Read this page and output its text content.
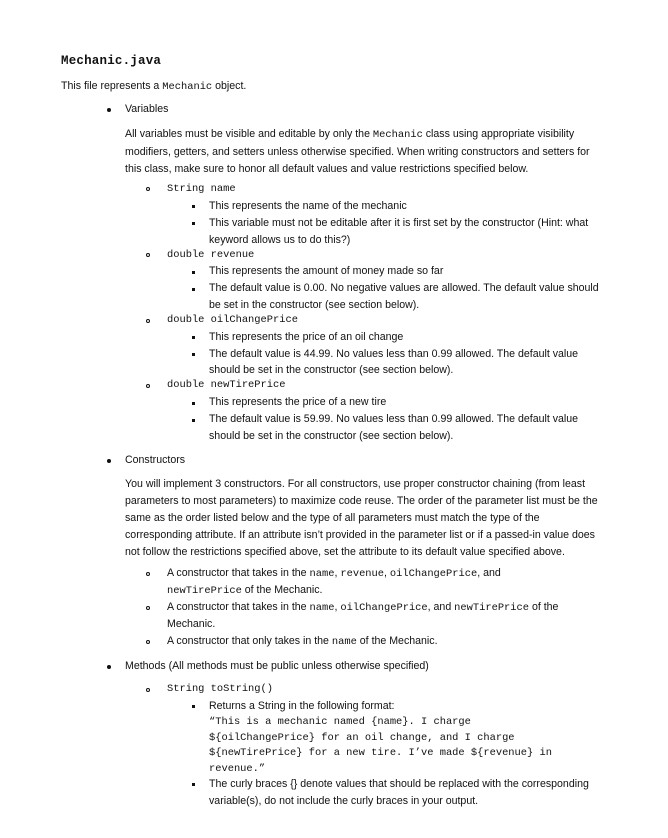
Mechanic.java
This file represents a Mechanic object.
Variables
All variables must be visible and editable by only the Mechanic class using appropriate visibility
modifiers, getters, and setters unless otherwise specified. When writing constructors and setters for
this class, make sure to honor all default values and value restrictions specified below.
String name
This represents the name of the mechanic
This variable must not be editable after it is first set by the constructor (Hint: what
keyword allows us to do this?)
double revenue
This represents the amount of money made so far
The default value is 0.00. No negative values are allowed. The default value should
be set in the constructor (see section below).
double oilChangePrice
This represents the price of an oil change
The default value is 44.99. No values less than 0.99 allowed. The default value
should be set in the constructor (see section below).
double newTirePrice
This represents the price of a new tire
The default value is 59.99. No values less than 0.99 allowed. The default value
should be set in the constructor (see section below).
Constructors
You will implement 3 constructors. For all constructors, use proper constructor chaining (from least
parameters to most parameters) to maximize code reuse. The order of the parameter list must be the
same as the order listed below and the type of all parameters must match the type of the
corresponding attribute. If an attribute isn’t provided in the parameter list or if a passed-in value does
not follow the restrictions specified above, set the attribute to its default value specified above.
A constructor that takes in the name, revenue, oilChangePrice, and
newTirePrice of the Mechanic.
A constructor that takes in the name, oilChangePrice, and newTirePrice of the
Mechanic.
A constructor that only takes in the name of the Mechanic.
Methods (All methods must be public unless otherwise specified)
String toString()
Returns a String in the following format:
“This is a mechanic named {name}. I charge
${oilChangePrice} for an oil change, and I charge
${newTirePrice} for a new tire. I’ve made ${revenue} in
revenue.”
The curly braces {} denote values that should be replaced with the corresponding
variable(s), do not include the curly braces in your output.
